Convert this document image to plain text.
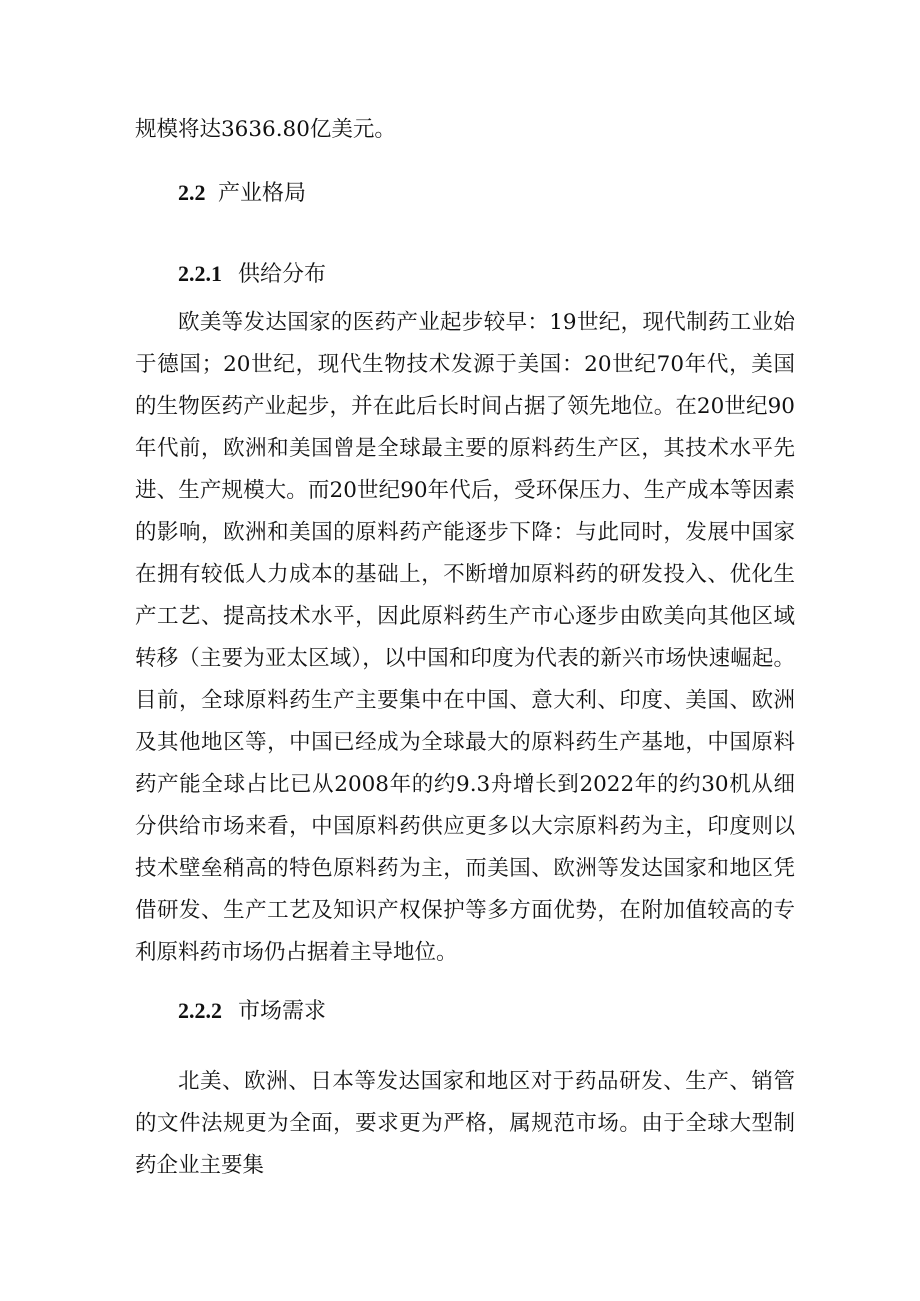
规模将达3636.80亿美元。
2.2 产业格局
2.2.1 供给分布

欧美等发达国家的医药产业起步较早：19世纪，现代制药工业始于德国；20世纪，现代生物技术发源于美国：20世纪70年代，美国的生物医药产业起步，并在此后长时间占据了领先地位。在20世纪90年代前，欧洲和美国曾是全球最主要的原料药生产区，其技术水平先进、生产规模大。而20世纪90年代后，受环保压力、生产成本等因素的影响，欧洲和美国的原料药产能逐步下降：与此同时，发展中国家在拥有较低人力成本的基础上，不断增加原料药的研发投入、优化生产工艺、提高技术水平，因此原料药生产市心逐步由欧美向其他区域转移（主要为亚太区域），以中国和印度为代表的新兴市场快速崛起。目前，全球原料药生产主要集中在中国、意大利、印度、美国、欧洲及其他地区等，中国已经成为全球最大的原料药生产基地，中国原料药产能全球占比已从2008年的约9.3舟增长到2022年的约30机从细分供给市场来看，中国原料药供应更多以大宗原料药为主，印度则以技术壁垒稍高的特色原料药为主，而美国、欧洲等发达国家和地区凭借研发、生产工艺及知识产权保护等多方面优势，在附加值较高的专利原料药市场仍占据着主导地位。

2.2.2 市场需求

北美、欧洲、日本等发达国家和地区对于药品研发、生产、销管的文件法规更为全面，要求更为严格，属规范市场。由于全球大型制药企业主要集
